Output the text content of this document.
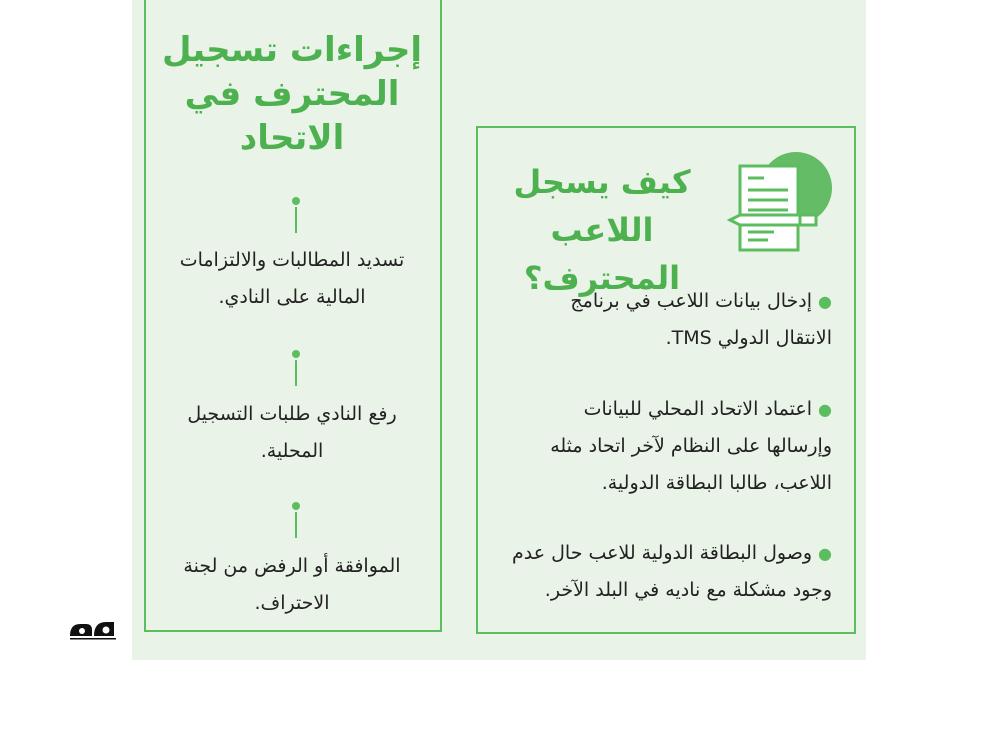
إجراءات تسجيل
المحترف في
الاتحاد
تسديد المطالبات والالتزامات
المالية على النادي.
رفع النادي طلبات التسجيل
المحلية.
الموافقة أو الرفض من لجنة
الاحتراف.
كيف يسجل
اللاعب المحترف؟
●إدخال بيانات اللاعب في برنامج
الانتقال الدولي TMS.
●اعتماد الاتحاد المحلي للبيانات
وإرسالها على النظام لآخر اتحاد مثله
اللاعب، طالبا البطاقة الدولية.
●وصول البطاقة الدولية للاعب حال عدم
وجود مشكلة مع ناديه في البلد الآخر.
